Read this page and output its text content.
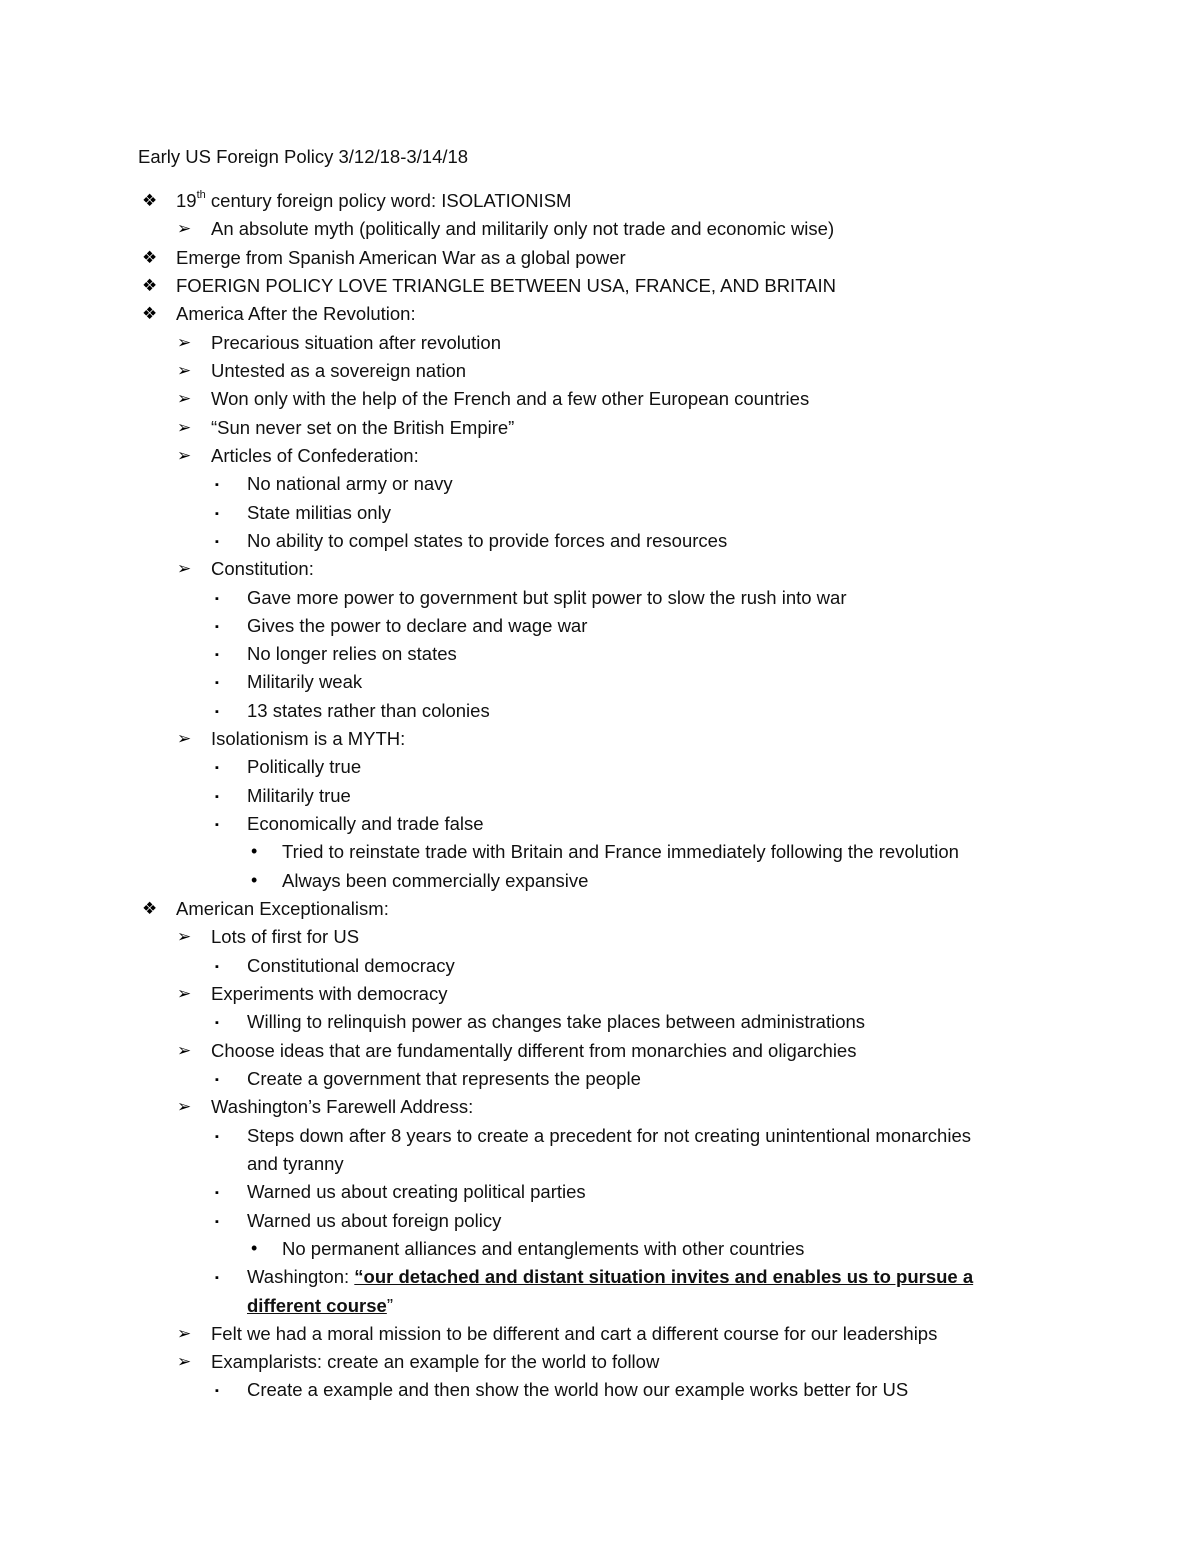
Early US Foreign Policy 3/12/18-3/14/18
❖ 19th century foreign policy word: ISOLATIONISM
➢ An absolute myth (politically and militarily only not trade and economic wise)
❖ Emerge from Spanish American War as a global power
❖ FOERIGN POLICY LOVE TRIANGLE BETWEEN USA, FRANCE, AND BRITAIN
❖ America After the Revolution:
➢ Precarious situation after revolution
➢ Untested as a sovereign nation
➢ Won only with the help of the French and a few other European countries
➢ “Sun never set on the British Empire”
➢ Articles of Confederation:
▪ No national army or navy
▪ State militias only
▪ No ability to compel states to provide forces and resources
➢ Constitution:
▪ Gave more power to government but split power to slow the rush into war
▪ Gives the power to declare and wage war
▪ No longer relies on states
▪ Militarily weak
▪ 13 states rather than colonies
➢ Isolationism is a MYTH:
▪ Politically true
▪ Militarily true
▪ Economically and trade false
• Tried to reinstate trade with Britain and France immediately following the revolution
• Always been commercially expansive
❖ American Exceptionalism:
➢ Lots of first for US
▪ Constitutional democracy
➢ Experiments with democracy
▪ Willing to relinquish power as changes take places between administrations
➢ Choose ideas that are fundamentally different from monarchies and oligarchies
▪ Create a government that represents the people
➢ Washington’s Farewell Address:
▪ Steps down after 8 years to create a precedent for not creating unintentional monarchies
and tyranny
▪ Warned us about creating political parties
▪ Warned us about foreign policy
• No permanent alliances and entanglements with other countries
▪ Washington: “our detached and distant situation invites and enables us to pursue a
different course”
➢ Felt we had a moral mission to be different and cart a different course for our leaderships
➢ Examplarists: create an example for the world to follow
▪ Create a example and then show the world how our example works better for US
